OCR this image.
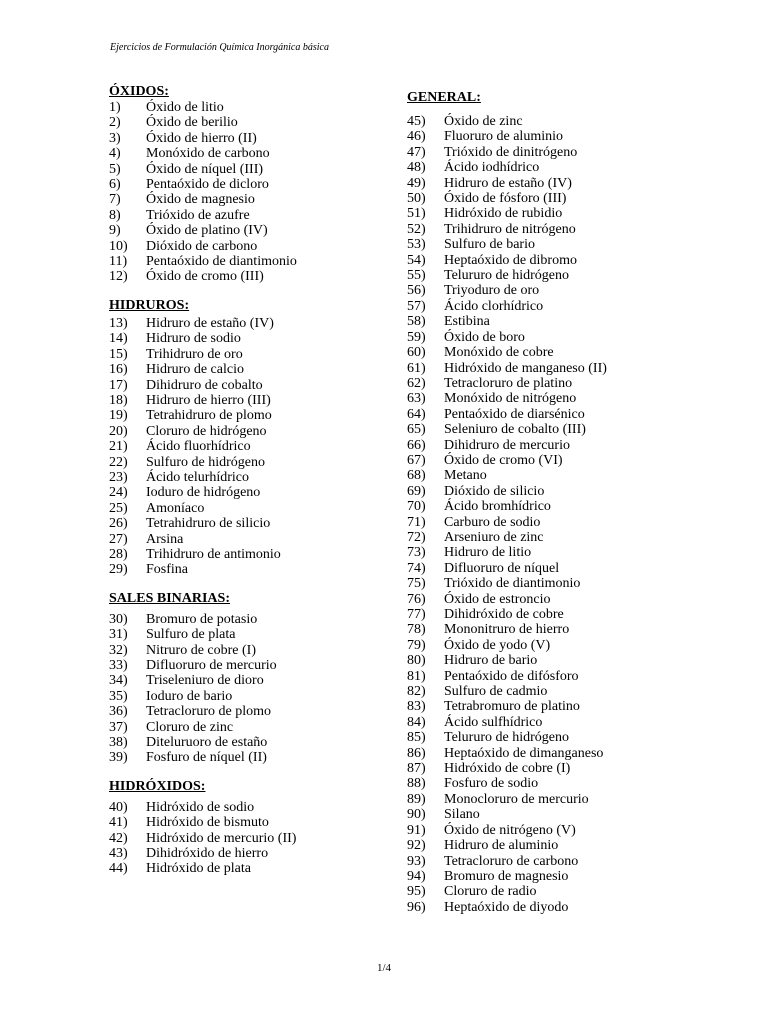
Ejercicios de Formulación Química Inorgánica básica
ÓXIDOS:
1)	Óxido de litio
2)	Óxido de berilio
3)	Óxido de hierro (II)
4)	Monóxido de carbono
5)	Óxido de níquel (III)
6)	Pentaóxido de dicloro
7)	Óxido de magnesio
8)	Trióxido de azufre
9)	Óxido de platino (IV)
10)	Dióxido de carbono
11)	Pentaóxido de diantimonio
12)	Óxido de cromo (III)
HIDRUROS:
13)	Hidruro de estaño (IV)
14)	Hidruro de sodio
15)	Trihidruro de oro
16)	Hidruro de calcio
17)	Dihidruro de cobalto
18)	Hidruro de hierro (III)
19)	Tetrahidruro de plomo
20)	Cloruro de hidrógeno
21)	Ácido fluorhídrico
22)	Sulfuro de hidrógeno
23)	Ácido telurhídrico
24)	Ioduro de hidrógeno
25)	Amoníaco
26)	Tetrahidruro de silicio
27)	Arsina
28)	Trihidruro de antimonio
29)	Fosfina
SALES BINARIAS:
30)	Bromuro de potasio
31)	Sulfuro de plata
32)	Nitruro de cobre (I)
33)	Difluoruro de mercurio
34)	Triseleniuro de dioro
35)	Ioduro de bario
36)	Tetracloruro de plomo
37)	Cloruro de zinc
38)	Diteluruoro de estaño
39)	Fosfuro de níquel (II)
HIDRÓXIDOS:
40)	Hidróxido de sodio
41)	Hidróxido de bismuto
42)	Hidróxido de mercurio (II)
43)	Dihidróxido de hierro
44)	Hidróxido de plata
GENERAL:
45)	Óxido de zinc
46)	Fluoruro de aluminio
47)	Trióxido de dinitrógeno
48)	Ácido iodhídrico
49)	Hidruro de estaño (IV)
50)	Óxido de fósforo (III)
51)	Hidróxido de rubidio
52)	Trihidruro de nitrógeno
53)	Sulfuro de bario
54)	Heptaóxido de dibromo
55)	Telururo de hidrógeno
56)	Triyoduro de oro
57)	Ácido clorhídrico
58)	Estibina
59)	Óxido de boro
60)	Monóxido de cobre
61)	Hidróxido de manganeso (II)
62)	Tetracloruro de platino
63)	Monóxido de nitrógeno
64)	Pentaóxido de diarsénico
65)	Seleniuro de cobalto (III)
66)	Dihidruro de mercurio
67)	Óxido de cromo (VI)
68)	Metano
69)	Dióxido de silicio
70)	Ácido bromhídrico
71)	Carburo de sodio
72)	Arseniuro de zinc
73)	Hidruro de litio
74)	Difluoruro de níquel
75)	Trióxido de diantimonio
76)	Óxido de estroncio
77)	Dihidróxido de cobre
78)	Mononitruro de hierro
79)	Óxido de yodo (V)
80)	Hidruro de bario
81)	Pentaóxido de difósforo
82)	Sulfuro de cadmio
83)	Tetrabromuro de platino
84)	Ácido sulfhídrico
85)	Telururo de hidrógeno
86)	Heptaóxido de dimanganeso
87)	Hidróxido de cobre (I)
88)	Fosfuro de sodio
89)	Monocloruro de mercurio
90)	Silano
91)	Óxido de nitrógeno (V)
92)	Hidruro de aluminio
93)	Tetracloruro de carbono
94)	Bromuro de magnesio
95)	Cloruro de radio
96)	Heptaóxido de diyodo
1/4
